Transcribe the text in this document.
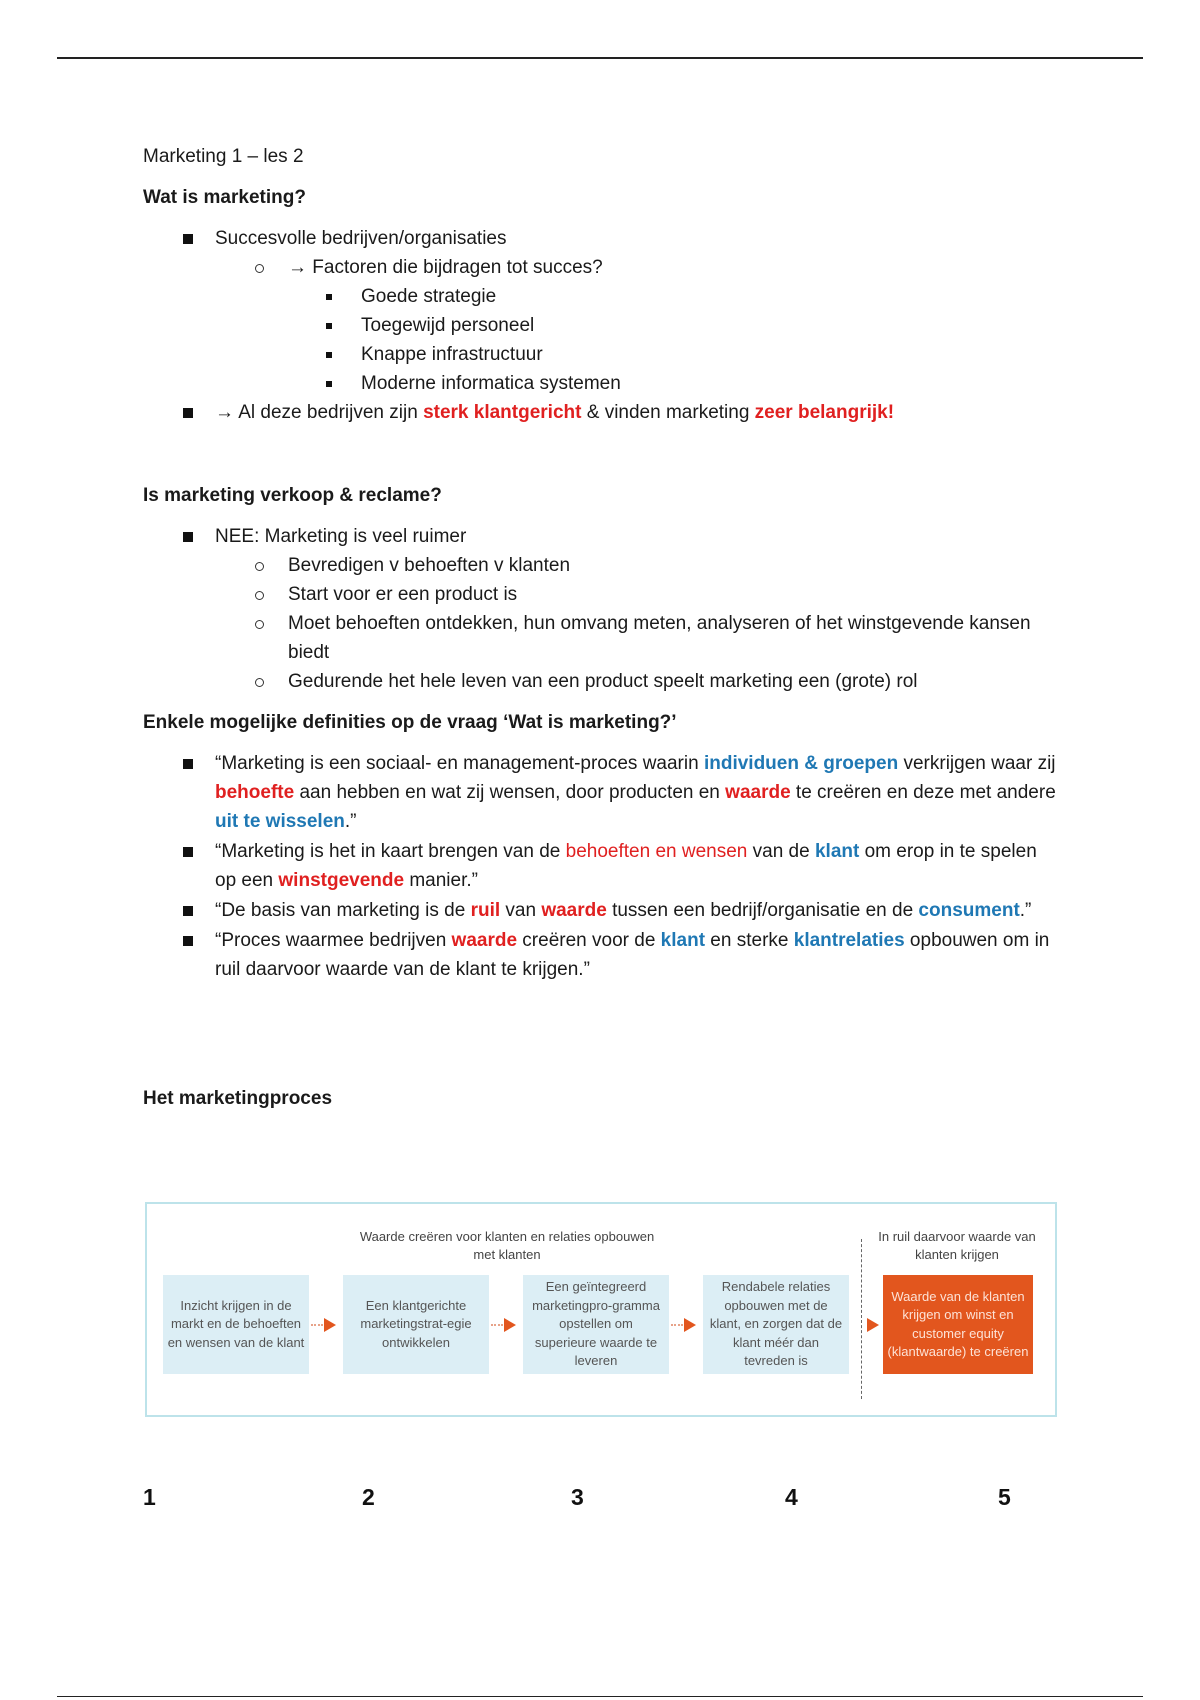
Marketing 1 – les 2

Wat is marketing?

Succesvolle bedrijven/organisaties
→ Factoren die bijdragen tot succes?
Goede strategie
Toegewijd personeel
Knappe infrastructuur
Moderne informatica systemen
→ Al deze bedrijven zijn sterk klantgericht & vinden marketing zeer belangrijk!

Is marketing verkoop & reclame?

NEE: Marketing is veel ruimer
Bevredigen v behoeften v klanten
Start voor er een product is
Moet behoeften ontdekken, hun omvang meten, analyseren of het winstgevende kansen biedt
Gedurende het hele leven van een product speelt marketing een (grote) rol

Enkele mogelijke definities op de vraag ‘Wat is marketing?’

“Marketing is een sociaal- en management-proces waarin individuen & groepen verkrijgen waar zij behoefte aan hebben en wat zij wensen, door producten en waarde te creëren en deze met andere uit te wisselen.”
“Marketing is het in kaart brengen van de behoeften en wensen van de klant om erop in te spelen op een winstgevende manier.”
“De basis van marketing is de ruil van waarde tussen een bedrijf/organisatie en de consument.”
“Proces waarmee bedrijven waarde creëren voor de klant en sterke klantrelaties opbouwen om in ruil daarvoor waarde van de klant te krijgen.”

Het marketingproces

Waarde creëren voor klanten en relaties opbouwen met klanten
In ruil daarvoor waarde van klanten krijgen
Inzicht krijgen in de markt en de behoeften en wensen van de klant
Een klantgerichte marketingstrat-egie ontwikkelen
Een geïntegreerd marketingpro-gramma opstellen om superieure waarde te leveren
Rendabele relaties opbouwen met de klant, en zorgen dat de klant méér dan tevreden is
Waarde van de klanten krijgen om winst en customer equity (klantwaarde) te creëren
1	2	3	4	5
